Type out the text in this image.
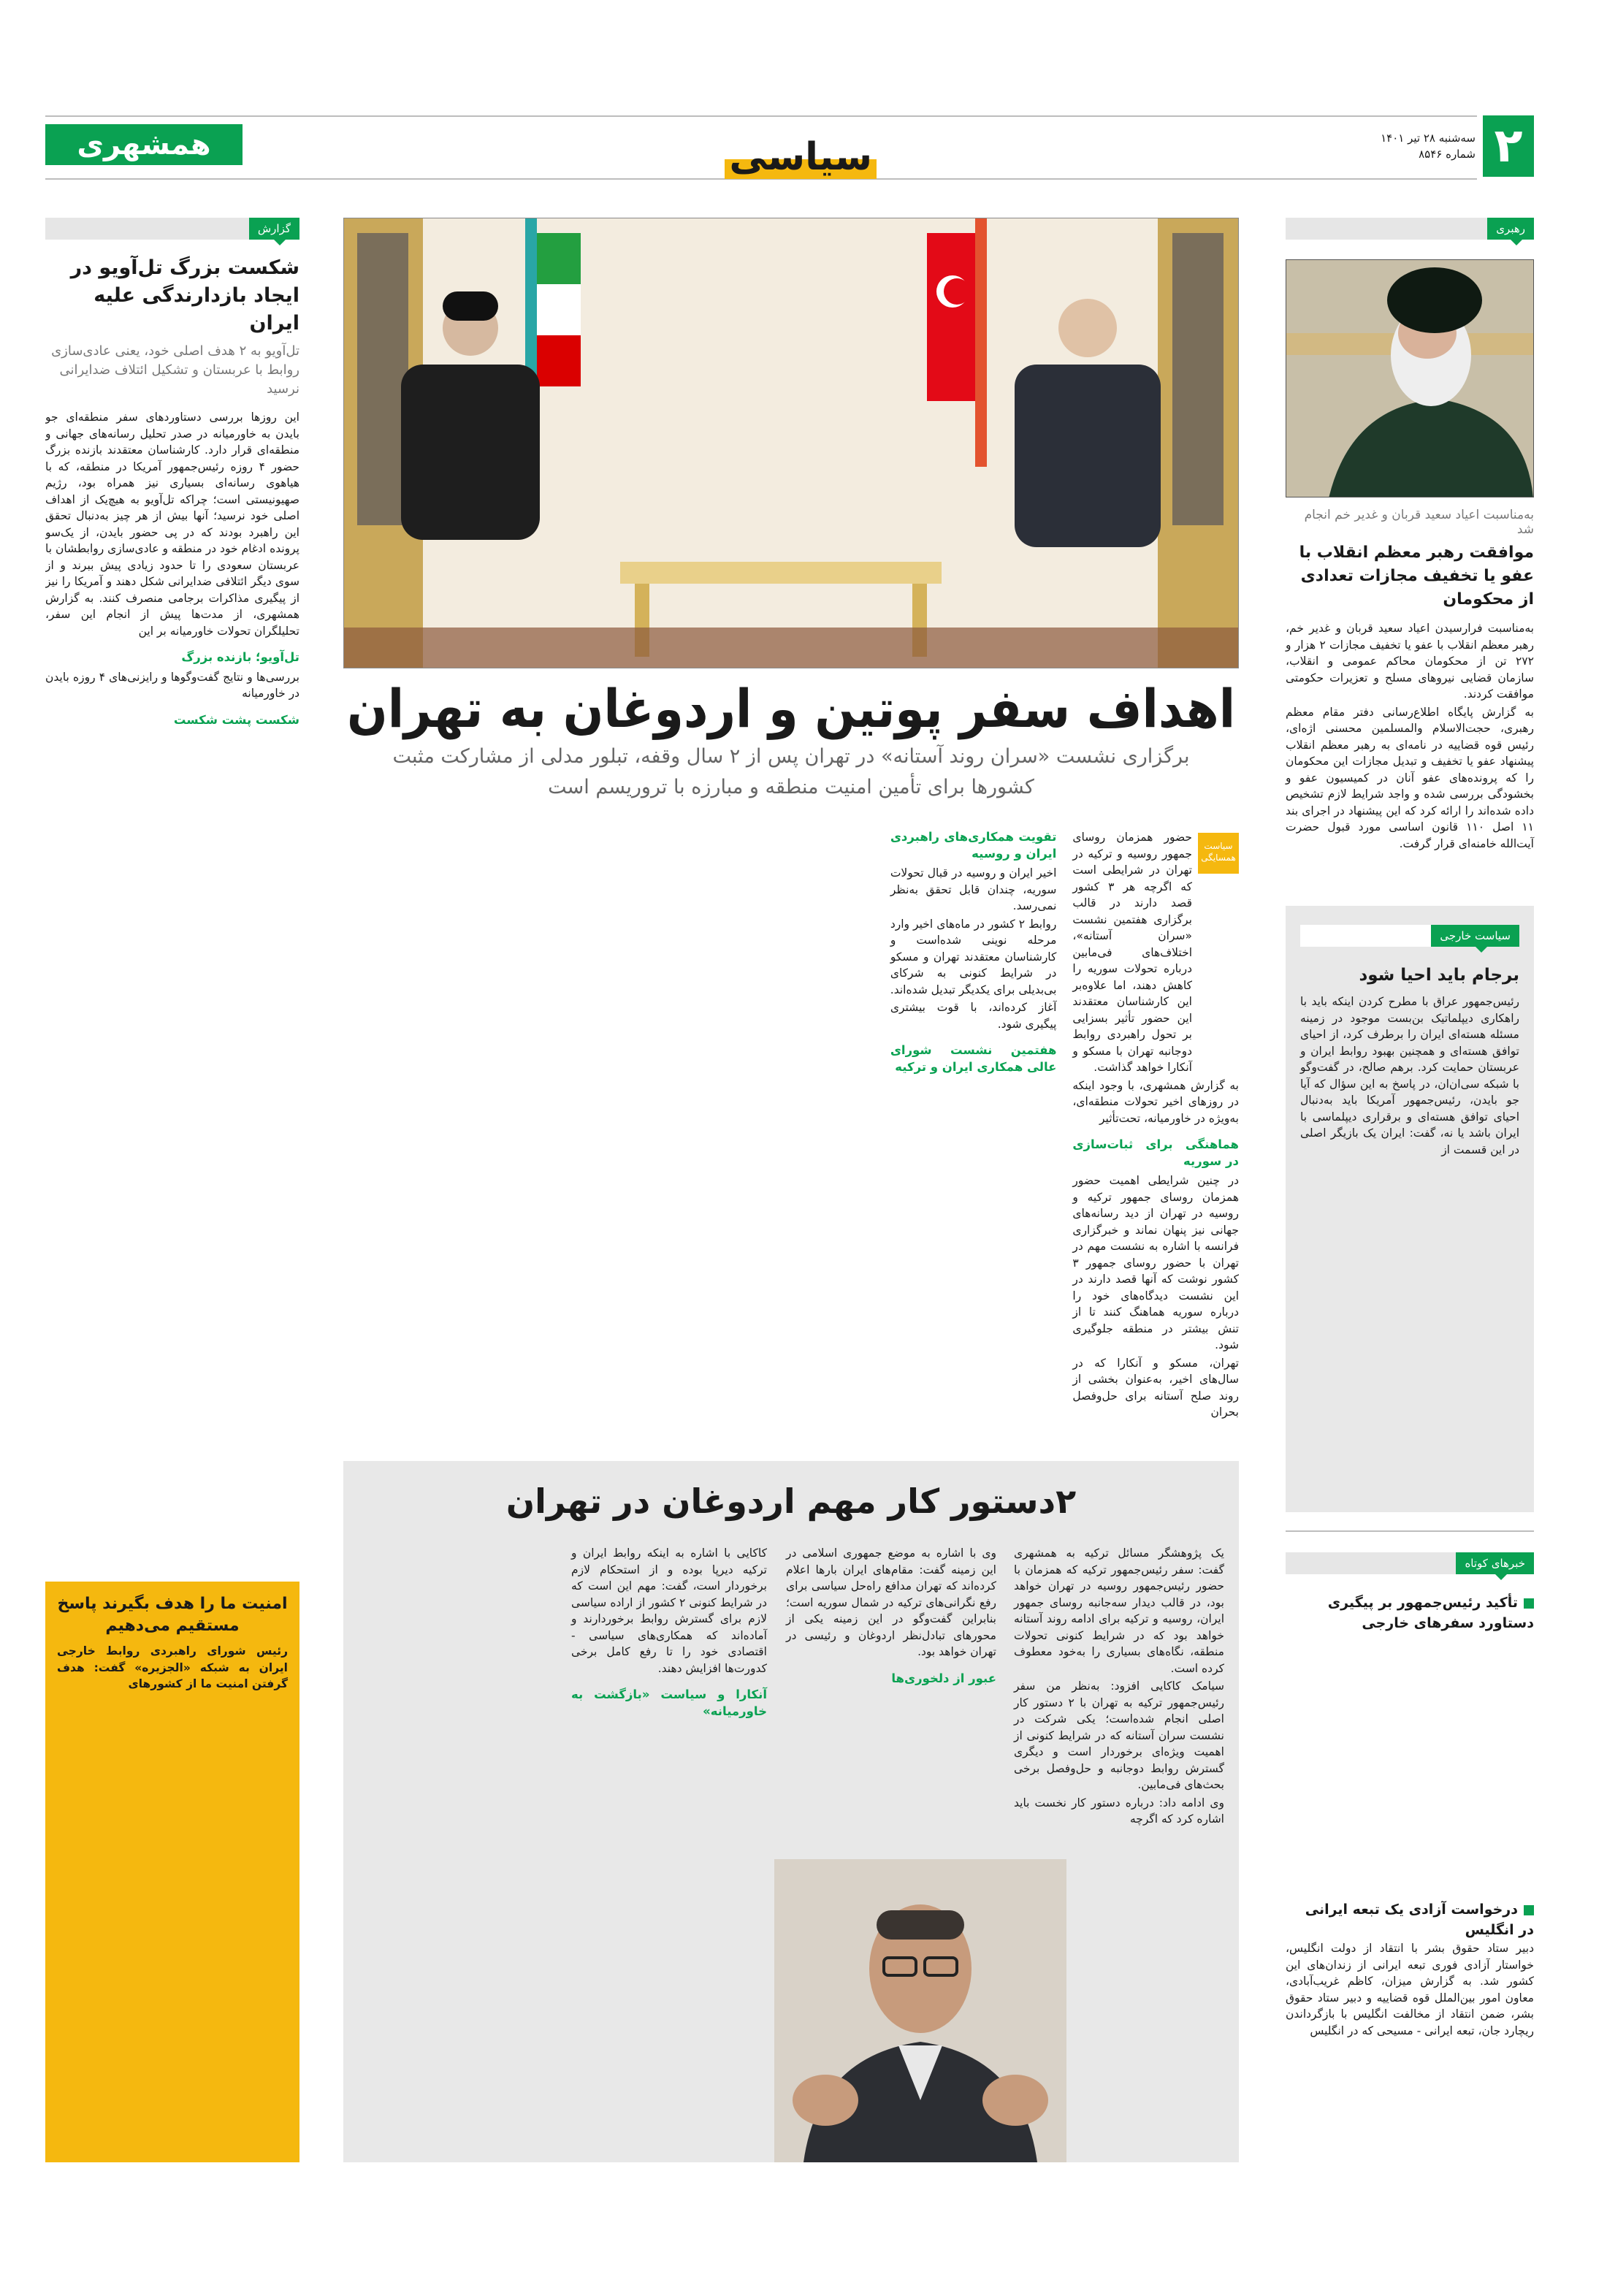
همشهری	سیاسی	سه‌شنبه ۲۸ تیر ۱۴۰۱
شماره ۸۵۴۶ ۲
گزارش
شکست بزرگ تل‌آویو در ایجاد بازدارندگی علیه ایران
تل‌آویو به ۲ هدف اصلی خود، یعنی عادی‌سازی روابط با عربستان و تشکیل ائتلاف ضدایرانی نرسید

این روزها بررسی دستاوردهای سفر منطقه‌ای جو بایدن به خاورمیانه در صدر تحلیل رسانه‌های جهانی و منطقه‌ای قرار دارد. کارشناسان معتقدند بازنده بزرگ حضور ۴ روزه رئیس‌جمهور آمریکا در منطقه، که با هیاهوی رسانه‌ای بسیاری نیز همراه بود، رژیم صهیونیستی است؛ چراکه تل‌آویو به هیچ‌یک از اهداف اصلی خود نرسید؛ آنها بیش از هر چیز به‌دنبال تحقق این راهبرد بودند که در پی حضور بایدن، از یک‌سو پرونده ادغام خود در منطقه و عادی‌سازی روابطشان با عربستان سعودی را تا حدود زیادی پیش ببرند و از سوی دیگر ائتلافی ضدایرانی شکل دهند و آمریکا را نیز از پیگیری مذاکرات برجامی منصرف کنند. به گزارش همشهری، از مدت‌ها پیش از انجام این سفر، تحلیلگران تحولات خاورمیانه بر این

تل‌آویو؛ بازنده بزرگ

بررسی‌ها و نتایج گفت‌وگوها و رایزنی‌های ۴ روزه بایدن در خاورمیانه

شکست پشت شکست
امنیت ما را هدف بگیرند پاسخ مستقیم می‌دهیم
رئیس شورای راهبردی روابط خارجی ایران به شبکه «الجزیره» گفت: هدف گرفتن امنیت ما از کشورهای
اهداف سفر پوتین و اردوغان به تهران
برگزاری نشست «سران روند آستانه» در تهران پس از ۲ سال وقفه، تبلور مدلی از مشارکت مثبت کشورها برای تأمین امنیت منطقه و مبارزه با تروریسم است
سیاست همسایگی

حضور همزمان روسای جمهور روسیه و ترکیه در تهران در شرایطی است که اگرچه هر ۳ کشور قصد دارند در قالب برگزاری هفتمین نشست «سران آستانه»، اختلاف‌های فی‌مابین درباره تحولات سوریه را کاهش دهند، اما علاوه‌بر این کارشناسان معتقدند این حضور تأثیر بسزایی بر تحول راهبردی روابط دوجانبه تهران با مسکو و آنکارا خواهد گذاشت.

به گزارش همشهری، با وجود اینکه در روزهای اخیر تحولات منطقه‌ای، به‌ویژه در خاورمیانه، تحت‌تأثیر

هماهنگی برای ثبات‌سازی در سوریه

در چنین شرایطی اهمیت حضور همزمان روسای جمهور ترکیه و روسیه در تهران از دید رسانه‌های جهانی نیز پنهان نماند و خبرگزاری فرانسه با اشاره به نشست مهم در تهران با حضور روسای جمهور ۳ کشور نوشت که آنها قصد دارند در این نشست دیدگاه‌های خود را درباره سوریه هماهنگ کنند تا از تنش بیشتر در منطقه جلوگیری شود.

تهران، مسکو و آنکارا که در سال‌های اخیر، به‌عنوان بخشی از روند صلح آستانه برای حل‌وفصل بحران

تقویت همکاری‌های راهبردی ایران و روسیه

اخیر ایران و روسیه در قبال تحولات سوریه، چندان قابل تحقق به‌نظر نمی‌رسد.

روابط ۲ کشور در ماه‌های اخیر وارد مرحله نوینی شده‌است و کارشناسان معتقدند تهران و مسکو در شرایط کنونی به شرکای بی‌بدیلی برای یکدیگر تبدیل شده‌اند.

آغاز کرده‌اند، با قوت بیشتری پیگیری شود.

هفتمین نشست شورای عالی همکاری ایران و ترکیه
۲دستور کار مهم اردوغان در تهران

یک پژوهشگر مسائل ترکیه به همشهری گفت: سفر رئیس‌جمهور ترکیه که همزمان با حضور رئیس‌جمهور روسیه در تهران خواهد بود، در قالب دیدار سه‌جانبه روسای جمهور ایران، روسیه و ترکیه برای ادامه روند آستانه خواهد بود که در شرایط کنونی تحولات منطقه، نگاه‌های بسیاری را به‌خود معطوف کرده است.

سیامک کاکایی افزود: به‌نظر من سفر رئیس‌جمهور ترکیه به تهران با ۲ دستور کار اصلی انجام شده‌است؛ یکی شرکت در نشست سران آستانه که در شرایط کنونی از اهمیت ویژه‌ای برخوردار است و دیگری گسترش روابط دوجانبه و حل‌وفصل برخی بحث‌های فی‌مابین.

وی ادامه داد: درباره دستور کار نخست باید اشاره کرد که اگرچه

وی با اشاره به موضع جمهوری اسلامی در این زمینه گفت: مقام‌های ایران بارها اعلام کرده‌اند که تهران مدافع راه‌حل سیاسی برای رفع نگرانی‌های ترکیه در شمال سوریه است؛ بنابراین گفت‌وگو در این زمینه یکی از محورهای تبادل‌نظر اردوغان و رئیسی در تهران خواهد بود.

عبور از دلخوری‌ها

کاکایی با اشاره به اینکه روابط ایران و ترکیه دیرپا بوده و از استحکام لازم برخوردار است، گفت: مهم این است که در شرایط کنونی ۲ کشور از اراده سیاسی لازم برای گسترش روابط برخوردارند و آماده‌اند که همکاری‌های سیاسی - اقتصادی خود را تا رفع کامل برخی کدورت‌ها افزایش دهند.

آنکارا و سیاست «بازگشت به خاورمیانه»
رهبری
به‌مناسبت اعیاد سعید قربان و غدیر خم انجام شد
موافقت رهبر معظم انقلاب با عفو یا تخفیف مجازات تعدادی از محکومان

به‌مناسبت فرارسیدن اعیاد سعید قربان و غدیر خم، رهبر معظم انقلاب با عفو یا تخفیف مجازات ۲ هزار و ۲۷۲ تن از محکومان محاکم عمومی و انقلاب، سازمان قضایی نیروهای مسلح و تعزیرات حکومتی موافقت کردند.

به گزارش پایگاه اطلاع‌رسانی دفتر مقام معظم رهبری، حجت‌الاسلام والمسلمین محسنی اژه‌ای، رئیس قوه قضاییه در نامه‌ای به رهبر معظم انقلاب پیشنهاد عفو یا تخفیف و تبدیل مجازات این محکومان را که پرونده‌های عفو آنان در کمیسیون عفو و بخشودگی بررسی شده و واجد شرایط لازم تشخیص داده شده‌اند را ارائه کرد که این پیشنهاد در اجرای بند ۱۱ اصل ۱۱۰ قانون اساسی مورد قبول حضرت آیت‌الله خامنه‌ای قرار گرفت.

سیاست خارجی
برجام باید احیا شود
رئیس‌جمهور عراق با مطرح کردن اینکه باید با راهکاری دیپلماتیک بن‌بست موجود در زمینه مسئله هسته‌ای ایران را برطرف کرد، از احیای توافق هسته‌ای و همچنین بهبود روابط ایران و عربستان حمایت کرد. برهم صالح، در گفت‌وگو با شبکه سی‌ان‌ان، در پاسخ به این سؤال که آیا جو بایدن، رئیس‌جمهور آمریکا باید به‌دنبال احیای توافق هسته‌ای و برقراری دیپلماسی با ایران باشد یا نه، گفت: ایران یک بازیگر اصلی در این قسمت از
خبرهای کوتاه
تأکید رئیس‌جمهور بر پیگیری دستاورد سفرهای خارجی
درخواست آزادی یک تبعه ایرانی در انگلیس
دبیر ستاد حقوق بشر با انتقاد از دولت انگلیس، خواستار آزادی فوری تبعه ایرانی از زندان‌های این کشور شد. به گزارش میزان، کاظم غریب‌آبادی، معاون امور بین‌الملل قوه قضاییه و دبیر ستاد حقوق بشر، ضمن انتقاد از مخالفت انگلیس با بازگرداندن ریچارد جان، تبعه ایرانی - مسیحی که در انگلیس
